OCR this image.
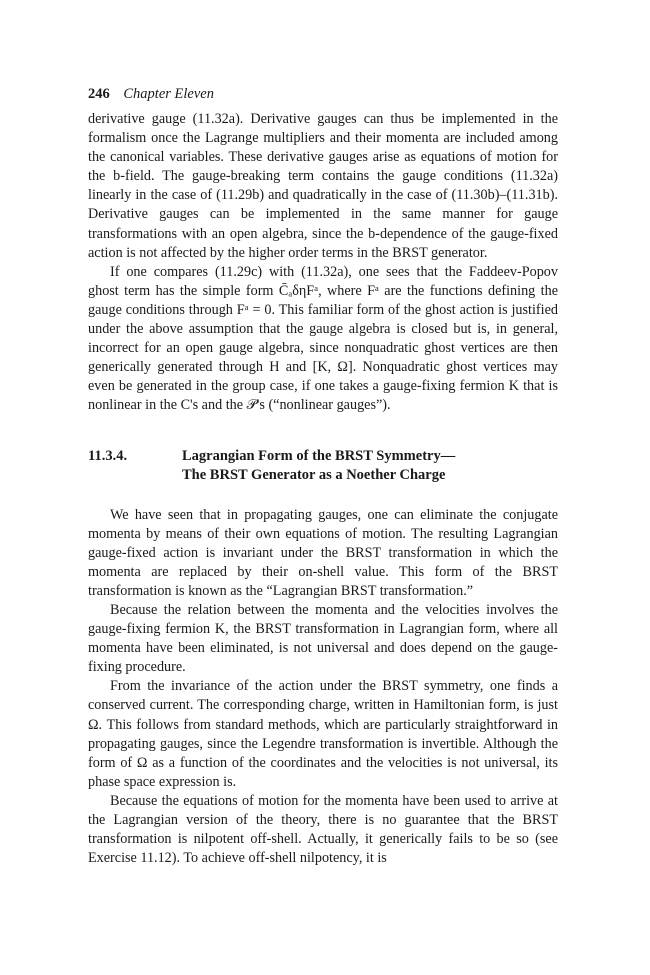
246 Chapter Eleven

derivative gauge (11.32a). Derivative gauges can thus be implemented in the formalism once the Lagrange multipliers and their momenta are included among the canonical variables. These derivative gauges arise as equations of motion for the b-field. The gauge-breaking term contains the gauge conditions (11.32a) linearly in the case of (11.29b) and quadratically in the case of (11.30b)–(11.31b). Derivative gauges can be implemented in the same manner for gauge transformations with an open algebra, since the b-dependence of the gauge-fixed action is not affected by the higher order terms in the BRST generator.

If one compares (11.29c) with (11.32a), one sees that the Faddeev-Popov ghost term has the simple form C̄ₐδηFᵃ, where Fᵃ are the functions defining the gauge conditions through Fᵃ = 0. This familiar form of the ghost action is justified under the above assumption that the gauge algebra is closed but is, in general, incorrect for an open gauge algebra, since nonquadratic ghost vertices are then generically generated through H and [K, Ω]. Nonquadratic ghost vertices may even be generated in the group case, if one takes a gauge-fixing fermion K that is nonlinear in the C's and the 𝒫's (“nonlinear gauges”).

11.3.4.	Lagrangian Form of the BRST Symmetry—
The BRST Generator as a Noether Charge

We have seen that in propagating gauges, one can eliminate the conjugate momenta by means of their own equations of motion. The resulting Lagrangian gauge-fixed action is invariant under the BRST transformation in which the momenta are replaced by their on-shell value. This form of the BRST transformation is known as the “Lagrangian BRST transformation.”

Because the relation between the momenta and the velocities involves the gauge-fixing fermion K, the BRST transformation in Lagrangian form, where all momenta have been eliminated, is not universal and does depend on the gauge-fixing procedure.

From the invariance of the action under the BRST symmetry, one finds a conserved current. The corresponding charge, written in Hamiltonian form, is just Ω. This follows from standard methods, which are particularly straightforward in propagating gauges, since the Legendre transformation is invertible. Although the form of Ω as a function of the coordinates and the velocities is not universal, its phase space expression is.

Because the equations of motion for the momenta have been used to arrive at the Lagrangian version of the theory, there is no guarantee that the BRST transformation is nilpotent off-shell. Actually, it generically fails to be so (see Exercise 11.12). To achieve off-shell nilpotency, it is
